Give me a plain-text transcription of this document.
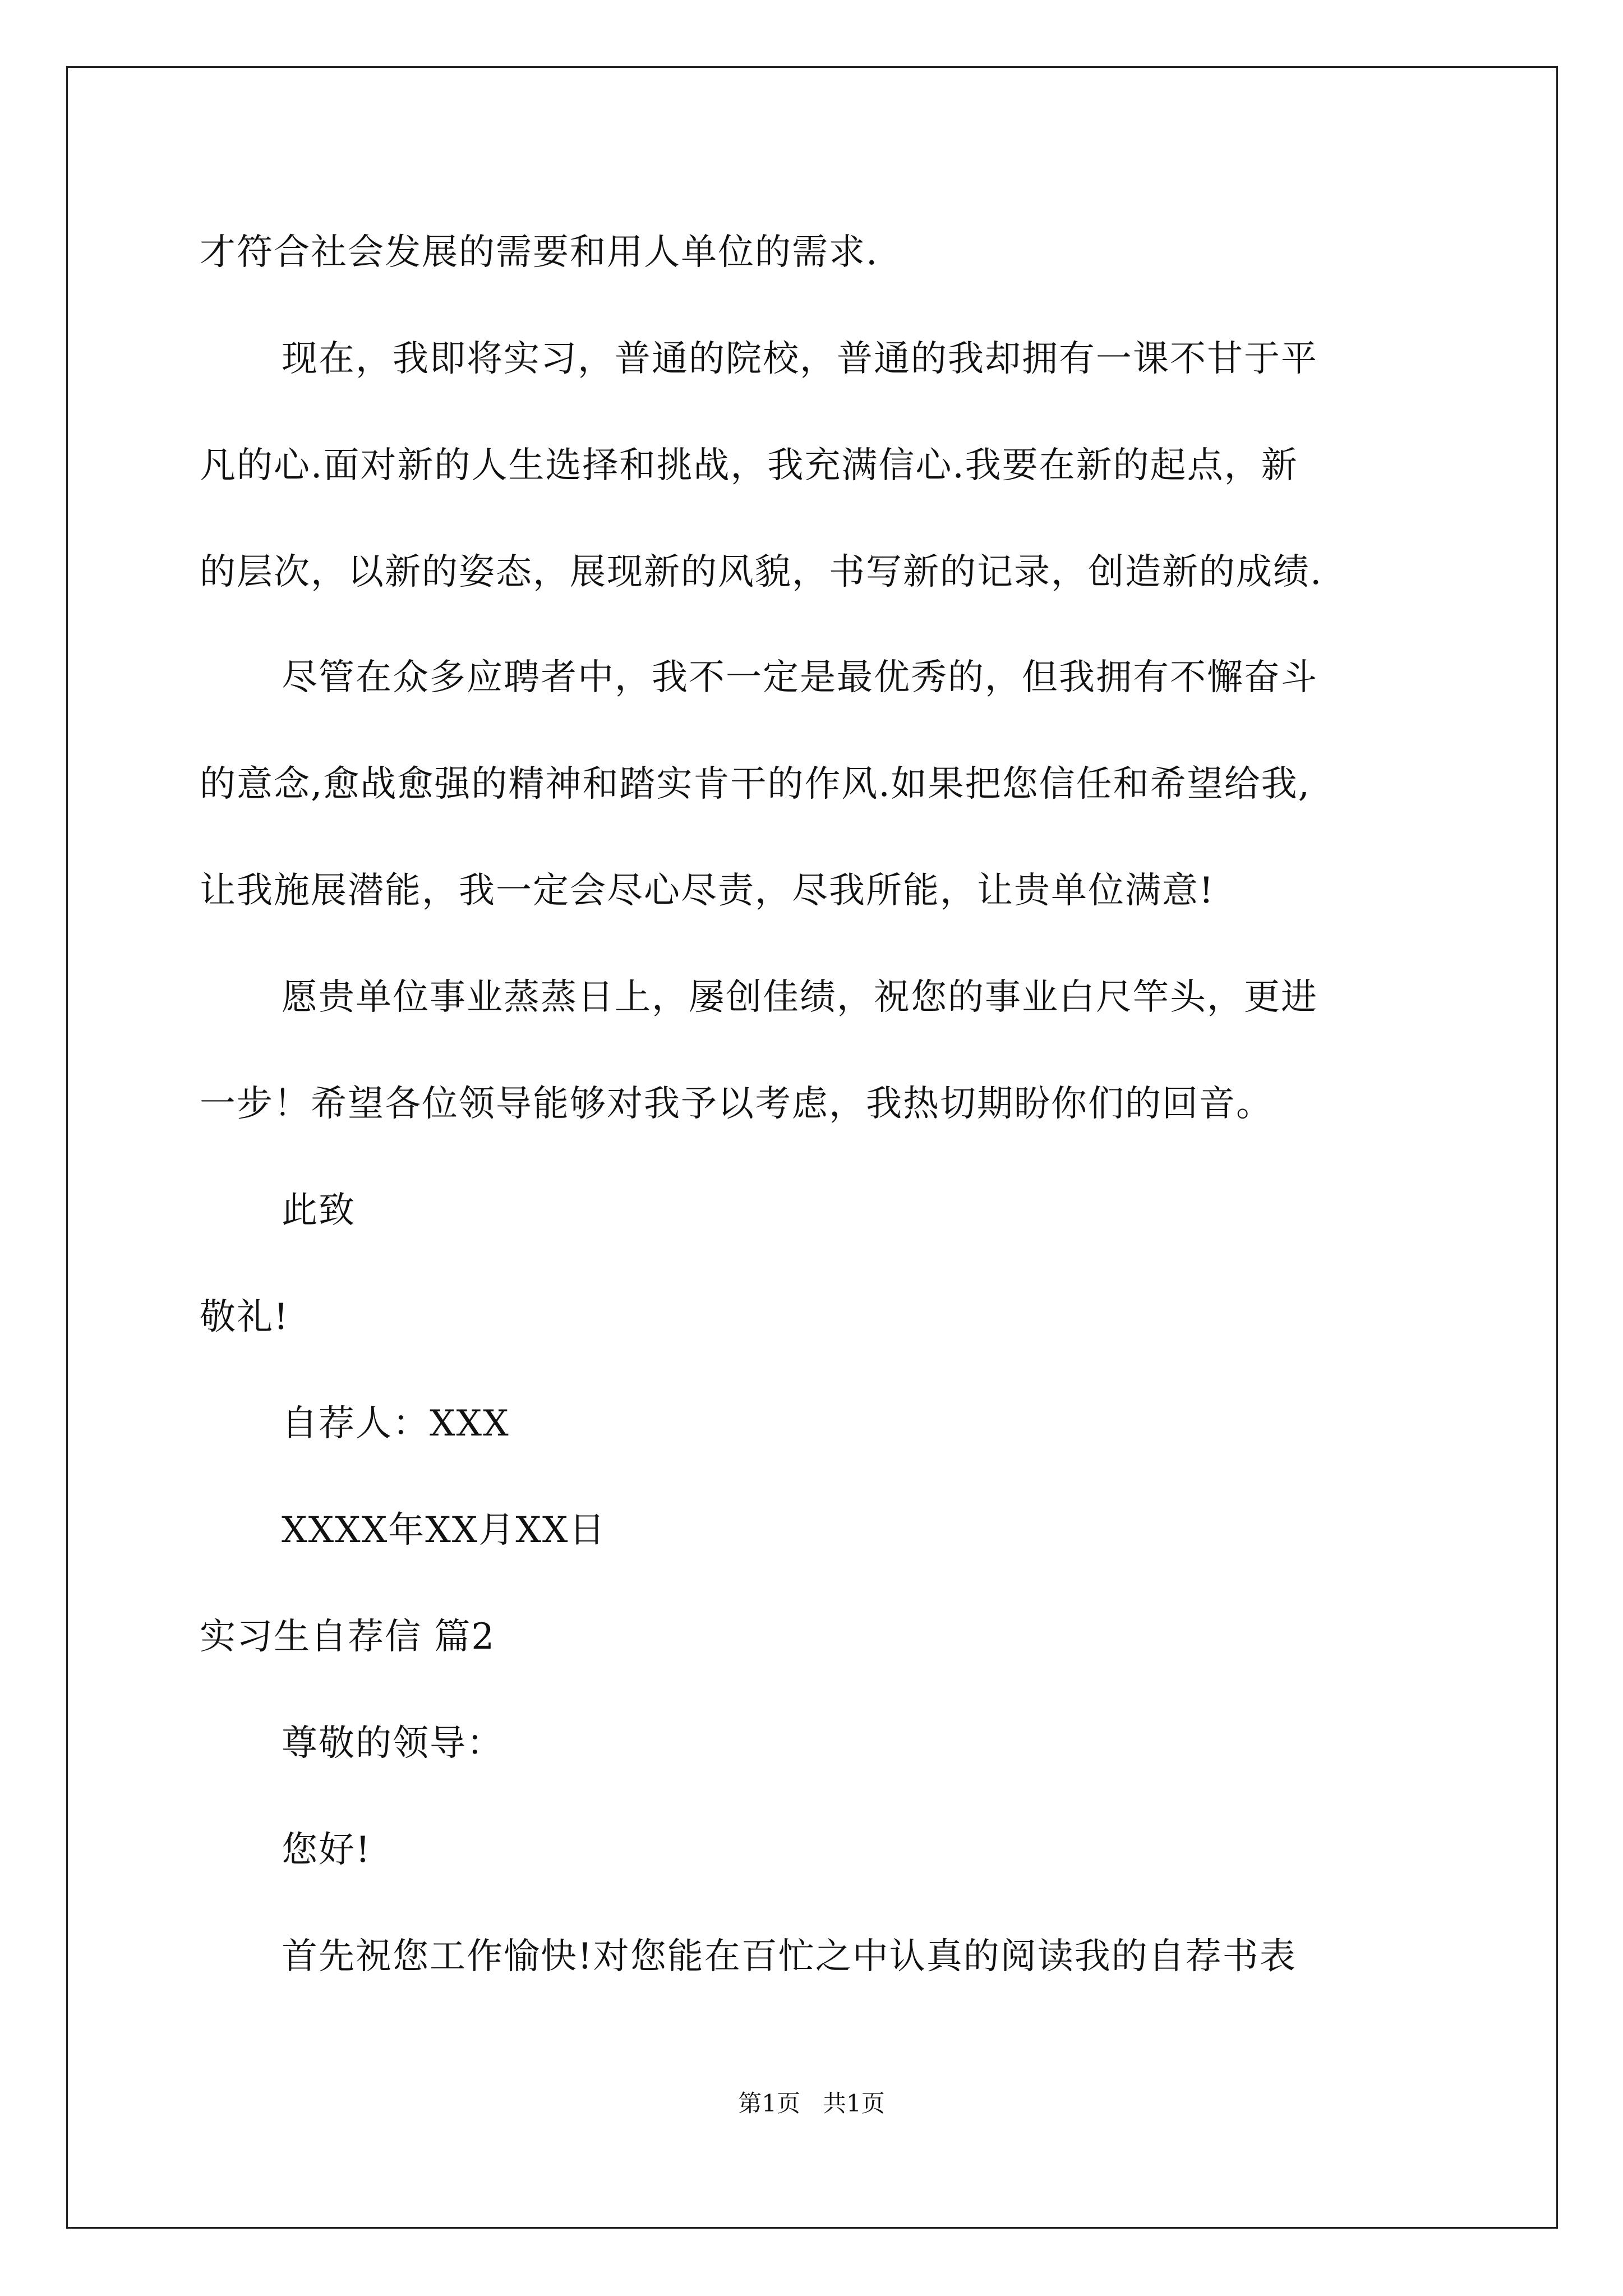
才符合社会发展的需要和用人单位的需求.
现在，我即将实习，普通的院校，普通的我却拥有一课不甘于平
凡的心.面对新的人生选择和挑战，我充满信心.我要在新的起点，新
的层次，以新的姿态，展现新的风貌，书写新的记录，创造新的成绩.
尽管在众多应聘者中，我不一定是最优秀的，但我拥有不懈奋斗
的意念,愈战愈强的精神和踏实肯干的作风.如果把您信任和希望给我,
让我施展潜能，我一定会尽心尽责，尽我所能，让贵单位满意!
愿贵单位事业蒸蒸日上，屡创佳绩，祝您的事业白尺竿头，更进
一步！希望各位领导能够对我予以考虑，我热切期盼你们的回音。
此致
敬礼!
自荐人：XXX
XXXX年XX月XX日
实习生自荐信 篇2
尊敬的领导：
您好!
首先祝您工作愉快!对您能在百忙之中认真的阅读我的自荐书表
第1页   共1页
